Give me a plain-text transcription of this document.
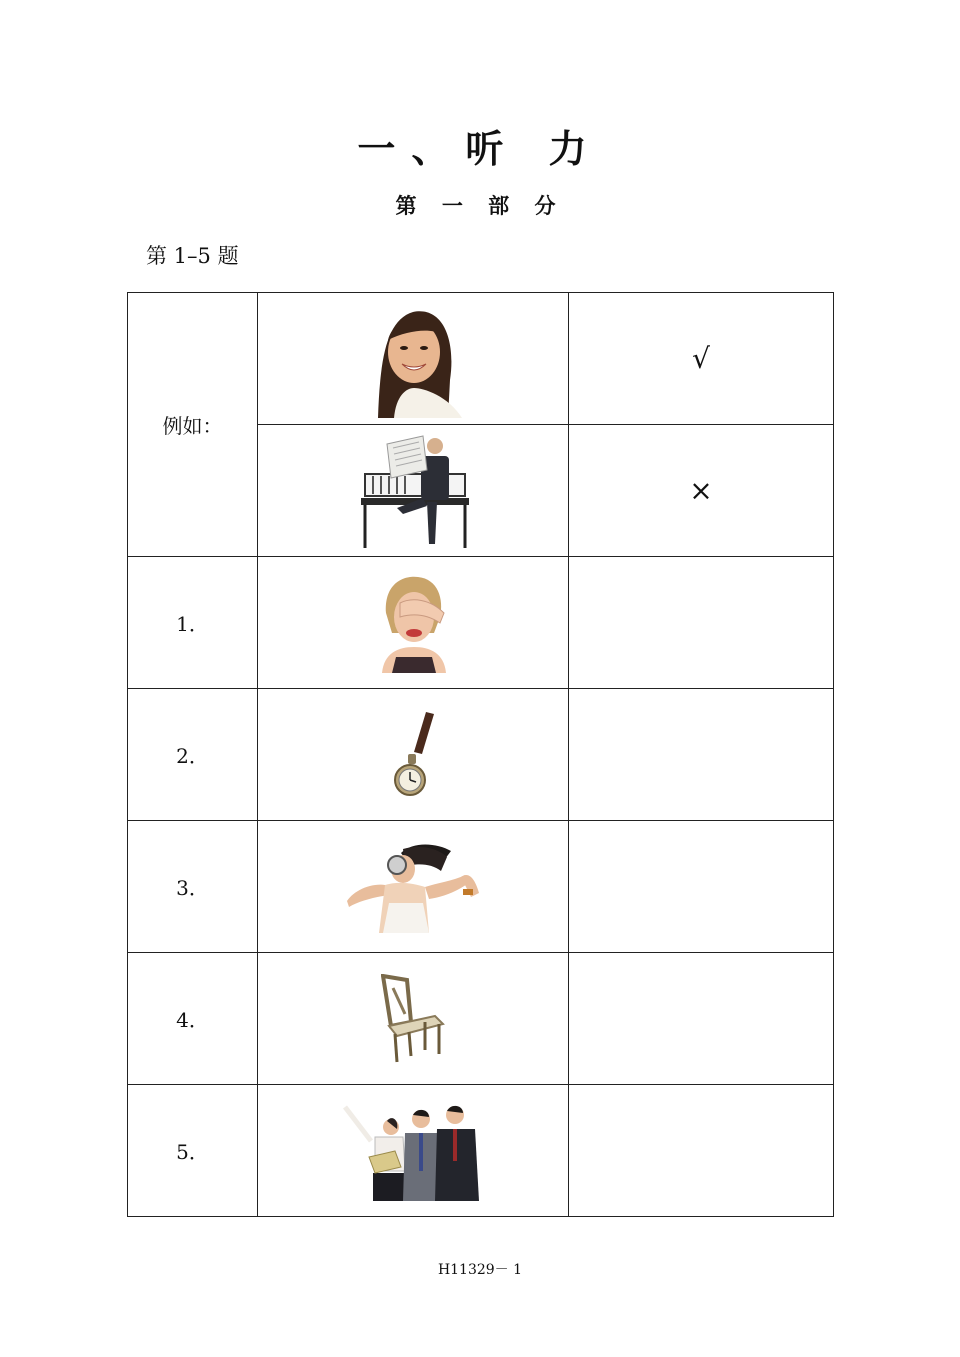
一、听 力
第 一 部 分
第 1–5 题
例如：		√

	×
1．	

2．	

3．	

4．	

5．	

H11329－ 1
